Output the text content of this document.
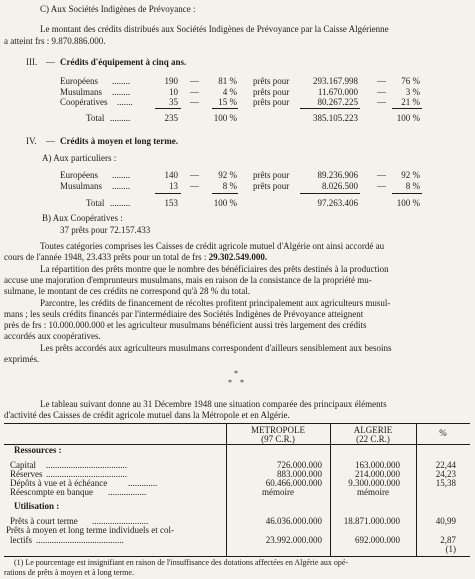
C) Aux Sociétés Indigènes de Prévoyance :
Le montant des crédits distribués aux Sociétés Indigènes de Prévoyance par la Caisse Algérienne
a atteint frs : 9.870.886.000.
III. — Crédits d'équipement à cinq ans.
Européens ........	190 —	81 % prêts pour	293.167.998 —	76 %
Musulmans ........	10 —	4 % prêts pour	11.670.000 —	3 %
Coopératives .......	35 —	15 % prêts pour	80.267.225 —	21 %
Total .........	235	100 %	385.105.223	100 %
IV. — Crédits à moyen et long terme.
A) Aux particuliers :
Européens ........	140 —	92 % prêts pour	89.236.906 —	92 %
Musulmans ........	13 —	8 % prêts pour	8.026.500 —	8 %
Total .........	153	100 %	97.263.406	100 %
B) Aux Coopératives :
37 prêts pour 72.157.433
Toutes catégories comprises les Caisses de crédit agricole mutuel d'Algérie ont ainsi accordé au
cours de l'année 1948, 23.433 prêts pour un total de frs : 29.302.549.000.
La répartition des prêts montre que le nombre des bénéficiaires des prêts destinés à la production
accuse une majoration d'emprunteurs musulmans, mais en raison de la consistance de la propriété mu-
sulmane, le montant de ces crédits ne correspond qu'à 28 % du total.
Parcontre, les crédits de financement de récoltes profitent principalement aux agriculteurs musul-
mans ; les seuls crédits financés par l'intermédiaire des Sociétés Indigènes de Prévoyance atteignent
près de frs : 10.000.000.000 et les agriculteur musulmans bénéficient aussi très largement des crédits
accordés aux coopératives.
Les prêts accordés aux agriculteurs musulmans correspondent d'ailleurs sensiblement aux besoins
exprimés.
*
* *
Le tableau suivant donne au 31 Décembre 1948 une situation comparée des principaux éléments
d'activité des Caisses de crédit agricole mutuel dans la Métropole et en Algérie.
METROPOLE
(97 C.R.)
ALGERIE
(22 C.R.)
%
Ressources :
Capital ....................................	726.000.000	163.000.000	22,44
Réserves ....................................	883.000.000	214.000.000	24,23
Dépôts à vue et à échéance .............	60.466.000.000	9.300.000.000	15,38
Réescompte en banque .................	mémoire	mémoire
Utilisation :
Prêts à court terme .........................	46.036.000.000	18.871.000.000	40,99
Prêts à moyen et long terme individuels et col-
lectifs .......................................	23.992.000.000	692.000.000	2,87
(1)
(1) Le pourcentage est insignifiant en raison de l'insuffisance des dotations affectées en Algérie aux opé-
rations de prêts à moyen et à long terme.
